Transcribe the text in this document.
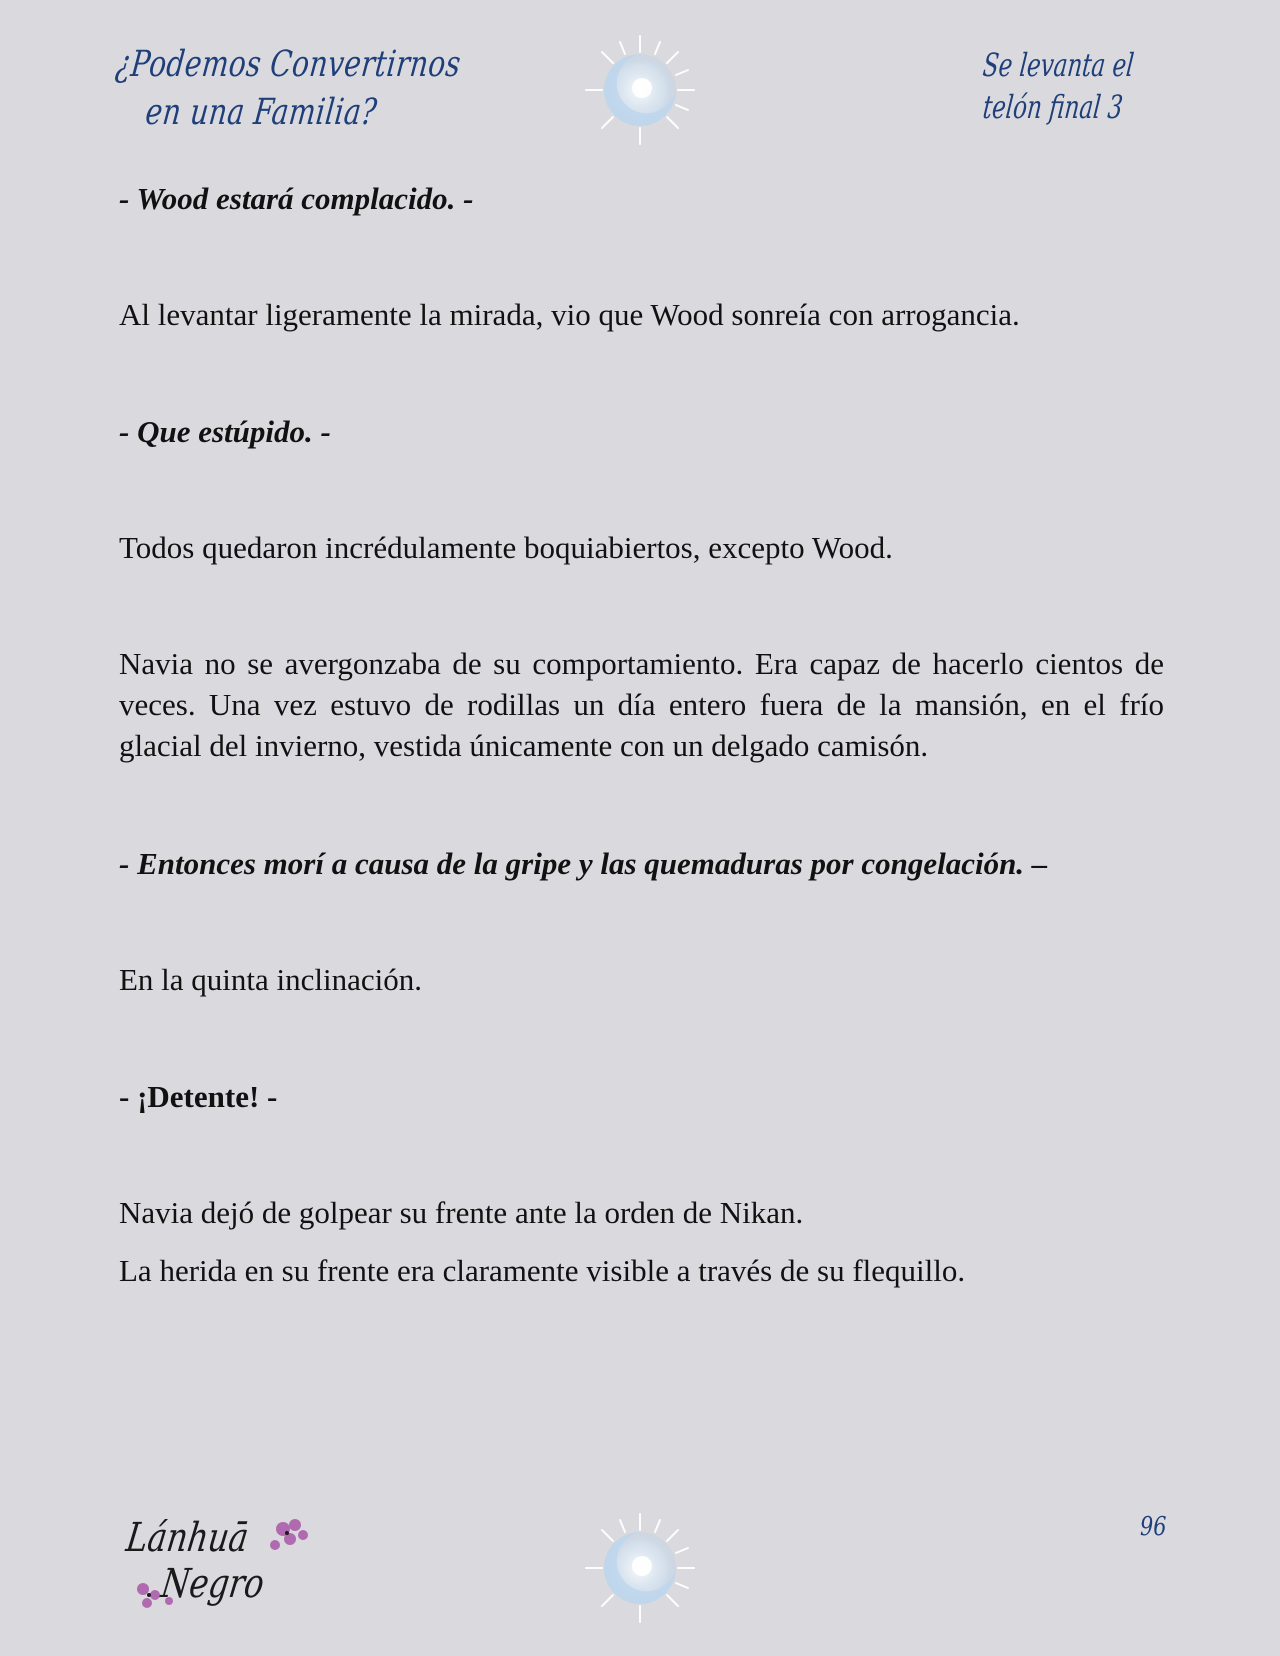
¿Podemos Convertirnos
en una Familia?
Se levanta el
telón final 3

- Wood estará complacido. -

Al levantar ligeramente la mirada, vio que Wood sonreía con arrogancia.

- Que estúpido. -

Todos quedaron incrédulamente boquiabiertos, excepto Wood.

Navia no se avergonzaba de su comportamiento. Era capaz de hacerlo cientos de veces. Una vez estuvo de rodillas un día entero fuera de la mansión, en el frío glacial del invierno, vestida únicamente con un delgado camisón.

- Entonces morí a causa de la gripe y las quemaduras por congelación. –

En la quinta inclinación.

- ¡Detente! -

Navia dejó de golpear su frente ante la orden de Nikan.

La herida en su frente era claramente visible a través de su flequillo.

Lánhuā
Negro
96
